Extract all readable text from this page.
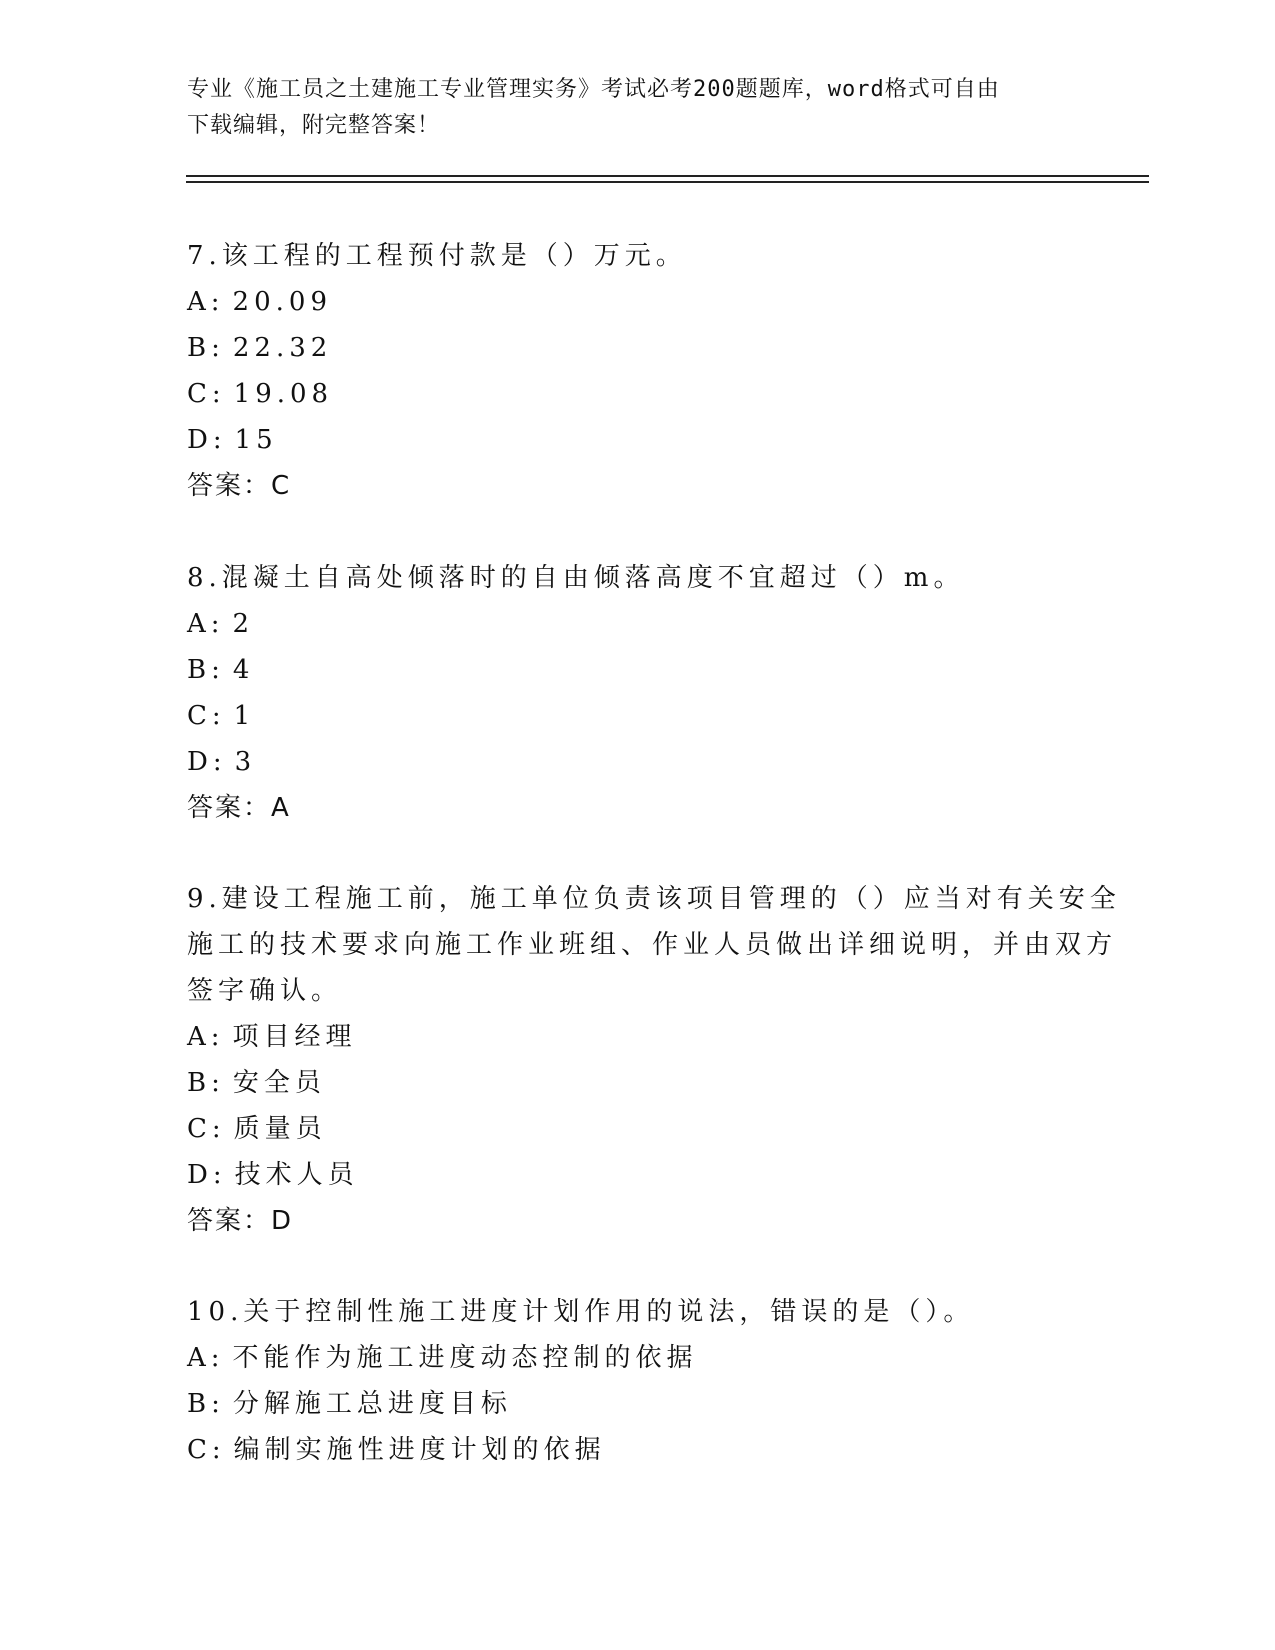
专业《施工员之土建施工专业管理实务》考试必考200题题库，word格式可自由
下载编辑，附完整答案！
7.该工程的工程预付款是（）万元。
A: 20.09
B: 22.32
C: 19.08
D: 15
答案：C
8.混凝土自高处倾落时的自由倾落高度不宜超过（）m。
A: 2
B: 4
C: 1
D: 3
答案：A
9.建设工程施工前，施工单位负责该项目管理的（）应当对有关安全
施工的技术要求向施工作业班组、作业人员做出详细说明，并由双方
签字确认。
A: 项目经理
B: 安全员
C: 质量员
D: 技术人员
答案：D
10.关于控制性施工进度计划作用的说法，错误的是（）。
A: 不能作为施工进度动态控制的依据
B: 分解施工总进度目标
C: 编制实施性进度计划的依据
